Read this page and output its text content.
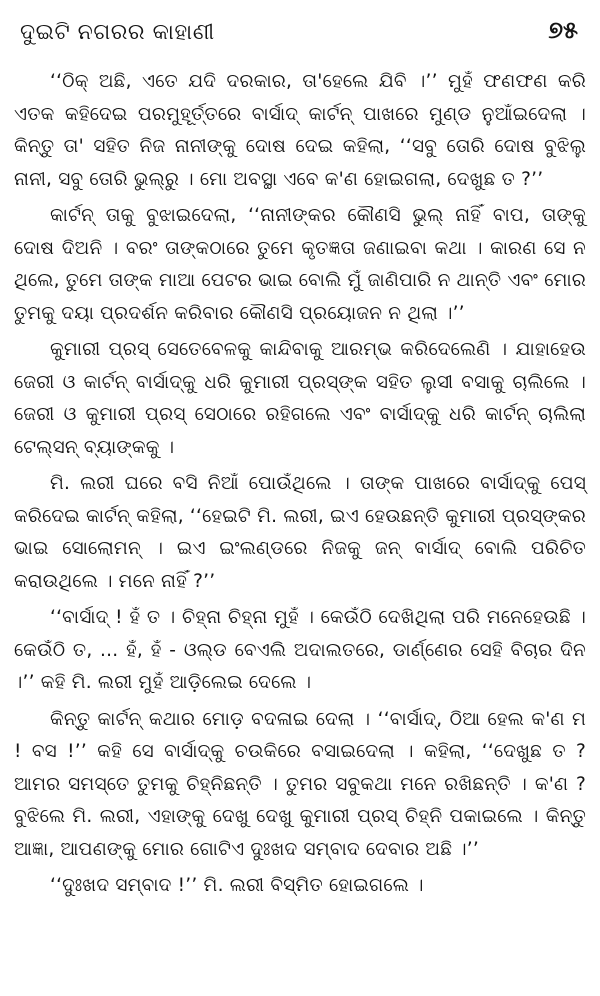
ଦୁଇଟି ନଗରର କାହାଣୀ	୭୫

‘‘ଠିକ୍ ଅଛି, ଏତେ ଯଦି ଦରକାର, ତା'ହେଲେ ଯିବି ।’’ ମୁହଁ ଫଣଫଣ କରି ଏତକ କହିଦେଇ ପରମୁହୂର୍ତ୍ତରେ ବାର୍ସାଦ୍ କାର୍ଟନ୍ ପାଖରେ ମୁଣ୍ଡ ନୁଆଁଇଦେଲା । କିନ୍ତୁ ତା' ସହିତ ନିଜ ନାନୀଙ୍କୁ ଦୋଷ ଦେଇ କହିଲା, ‘‘ସବୁ ତୋରି ଦୋଷ ବୁଝିଲୁ ନାନୀ, ସବୁ ତୋରି ଭୁଲ୍‌ରୁ । ମୋ ଅବସ୍ଥା ଏବେ କ'ଣ ହୋଇଗଲା, ଦେଖୁଛ ତ ?’’

କାର୍ଟନ୍ ତାକୁ ବୁଝାଇଦେଲା, ‘‘ନାନୀଙ୍କର କୌଣସି ଭୁଲ୍ ନାହିଁ ବାପ, ତାଙ୍କୁ ଦୋଷ ଦିଅନି । ବରଂ ତାଙ୍କଠାରେ ତୁମେ କୃତଜ୍ଞତା ଜଣାଇବା କଥା । କାରଣ ସେ ନ ଥିଲେ, ତୁମେ ତାଙ୍କ ମାଆ ପେଟର ଭାଇ ବୋଲି ମୁଁ ଜାଣିପାରି ନ ଥାନ୍ତି ଏବଂ ମୋର ତୁମକୁ ଦୟା ପ୍ରଦର୍ଶନ କରିବାର କୌଣସି ପ୍ରୟୋଜନ ନ ଥିଲା ।’’

କୁମାରୀ ପ୍ରସ୍ ସେତେବେଳକୁ କାନ୍ଦିବାକୁ ଆରମ୍ଭ କରିଦେଲେଣି । ଯାହାହେଉ ଜେରୀ ଓ କାର୍ଟନ୍ ବାର୍ସାଦ୍‌କୁ ଧରି କୁମାରୀ ପ୍ରସ୍‌ଙ୍କ ସହିତ ଲୁସୀ ବସାକୁ ଚାଲିଲେ । ଜେରୀ ଓ କୁମାରୀ ପ୍ରସ୍ ସେଠାରେ ରହିଗଲେ ଏବଂ ବାର୍ସାଦ୍‌କୁ ଧରି କାର୍ଟନ୍ ଚାଲିଲା ଟେଲ୍‌ସନ୍ ବ୍ୟାଙ୍କକୁ ।

ମି. ଲରୀ ଘରେ ବସି ନିଆଁ ପୋଉଁଥିଲେ । ତାଙ୍କ ପାଖରେ ବାର୍ସାଦ୍‌କୁ ପେସ୍ କରିଦେଇ କାର୍ଟନ୍ କହିଲା, ‘‘ହେଇଟି ମି. ଲରୀ, ଇଏ ହେଉଛନ୍ତି କୁମାରୀ ପ୍ରସ୍‌ଙ୍କର ଭାଇ ସୋଲୋମନ୍ । ଇଏ ଇଂଲଣ୍ଡରେ ନିଜକୁ ଜନ୍ ବାର୍ସାଦ୍ ବୋଲି ପରିଚିତ କରାଉଥିଲେ । ମନେ ନାହିଁ ?’’

‘‘ବାର୍ସାଦ୍ ! ହଁ ତ । ଚିହ୍ନା ଚିହ୍ନା ମୁହଁ । କେଉଁଠି ଦେଖିଥିଲା ପରି ମନେହେଉଛି । କେଉଁଠି ତ, ... ହଁ, ହଁ - ଓଲ୍ଡ ବେଏଲି ଅଦାଲତରେ, ଡାର୍ଣ୍ଣେର ସେହି ବିଚାର ଦିନ ।’’ କହି ମି. ଲରୀ ମୁହଁ ଆଡ଼ିଲେଇ ଦେଲେ ।

କିନ୍ତୁ କାର୍ଟନ୍ କଥାର ମୋଡ଼ ବଦଳାଇ ଦେଲା । ‘‘ବାର୍ସାଦ୍, ଠିଆ ହେଲ କ'ଣ ମ ! ବସ !’’ କହି ସେ ବାର୍ସାଦ୍‌କୁ ଚଉକିରେ ବସାଇଦେଲା । କହିଲା, ‘‘ଦେଖୁଛ ତ ? ଆମର ସମସ୍ତେ ତୁମକୁ ଚିହ୍ନିଛନ୍ତି । ତୁମର ସବୁକଥା ମନେ ରଖିଛନ୍ତି । କ'ଣ ? ବୁଝିଲେ ମି. ଲରୀ, ଏହାଙ୍କୁ ଦେଖୁ ଦେଖୁ କୁମାରୀ ପ୍ରସ୍ ଚିହ୍ନି ପକାଇଲେ । କିନ୍ତୁ ଆଜ୍ଞା, ଆପଣଙ୍କୁ ମୋର ଗୋଟିଏ ଦୁଃଖଦ ସମ୍ବାଦ ଦେବାର ଅଛି ।’’

‘‘ଦୁଃଖଦ ସମ୍ବାଦ !’’ ମି. ଲରୀ ବିସ୍ମିତ ହୋଇଗଲେ ।
